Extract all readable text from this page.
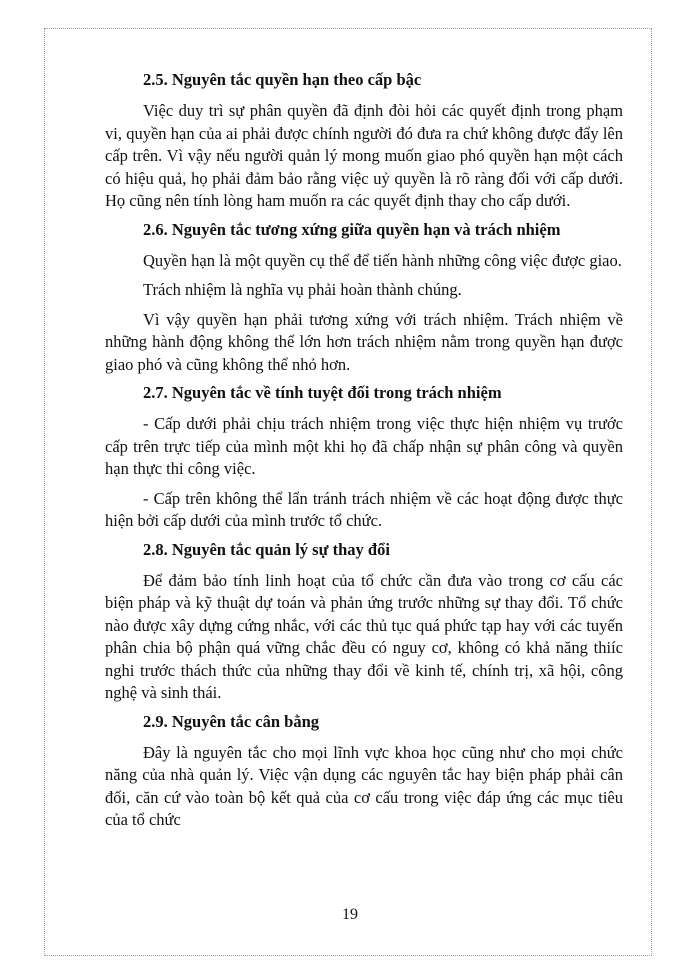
2.5. Nguyên tắc quyền hạn theo cấp bậc

Việc duy trì sự phân quyền đã định đòi hỏi các quyết định trong phạm vi, quyền hạn của ai phải được chính người đó đưa ra chứ không được đẩy lên cấp trên. Vì vậy nếu người quản lý mong muốn giao phó quyền hạn một cách có hiệu quả, họ phải đảm bảo rằng việc uỷ quyền là rõ ràng đối với cấp dưới. Họ cũng nên tính lòng ham muốn ra các quyết định thay cho cấp dưới.

2.6. Nguyên tắc tương xứng giữa quyền hạn và trách nhiệm

Quyền hạn là một quyền cụ thể để tiến hành những công việc được giao.

Trách nhiệm là nghĩa vụ phải hoàn thành chúng.

Vì vậy quyền hạn phải tương xứng với trách nhiệm. Trách nhiệm về những hành động không thể lớn hơn trách nhiệm nằm trong quyền hạn được giao phó và cũng không thể nhỏ hơn.

2.7. Nguyên tắc về tính tuyệt đối trong trách nhiệm

- Cấp dưới phải chịu trách nhiệm trong việc thực hiện nhiệm vụ trước cấp trên trực tiếp của mình một khi họ đã chấp nhận sự phân công và quyền hạn thực thi công việc.

- Cấp trên không thể lẩn tránh trách nhiệm về các hoạt động được thực hiện bởi cấp dưới của mình trước tổ chức.

2.8. Nguyên tắc quản lý sự thay đổi

Để đảm bảo tính linh hoạt của tổ chức cần đưa vào trong cơ cấu các biện pháp và kỹ thuật dự toán và phản ứng trước những sự thay đổi. Tổ chức nào được xây dựng cứng nhắc, với các thủ tục quá phức tạp hay với các tuyến phân chia bộ phận quá vững chắc đều có nguy cơ, không có khả năng thiíc nghi trước thách thức của những thay đổi về kinh tế, chính trị, xã hội, công nghệ và sinh thái.

2.9. Nguyên tắc cân bằng

Đây là nguyên tắc cho mọi lĩnh vực khoa học cũng như cho mọi chức năng của nhà quản lý. Việc vận dụng các nguyên tắc hay biện pháp phải cân đối, căn cứ vào toàn bộ kết quả của cơ cấu trong việc đáp ứng các mục tiêu của tổ chức

19
